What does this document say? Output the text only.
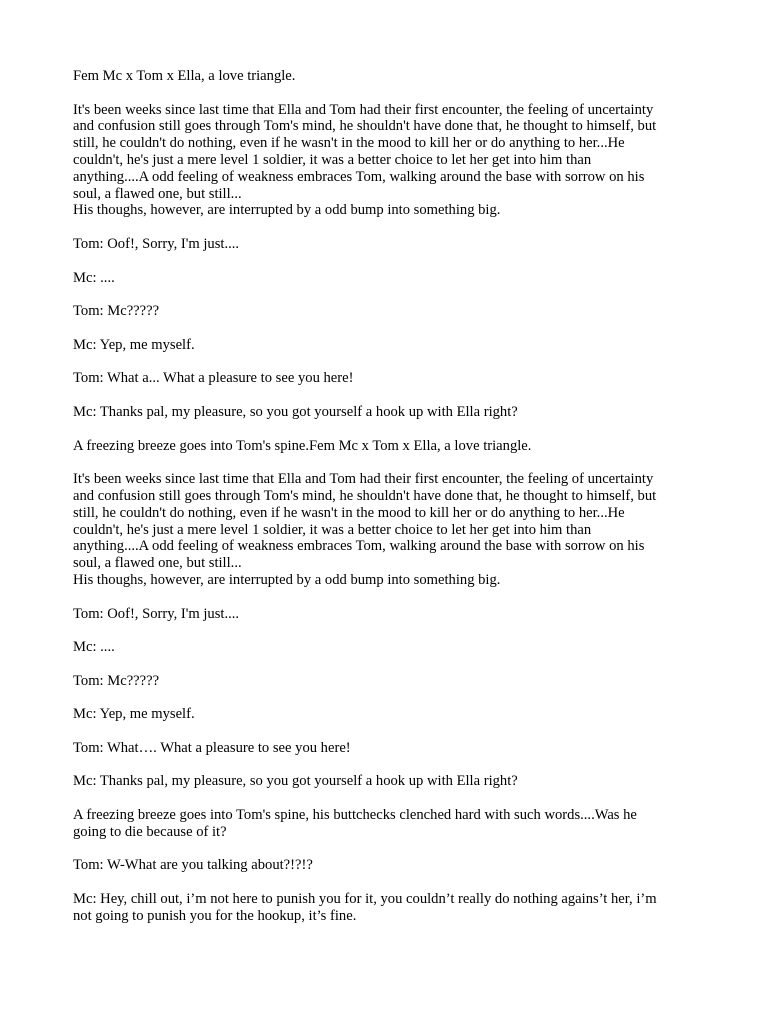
Fem Mc x Tom x Ella, a love triangle.

It's been weeks since last time that Ella and Tom had their first encounter, the feeling of uncertainty
and confusion still goes through Tom's mind, he shouldn't have done that, he thought to himself, but
still, he couldn't do nothing, even if he wasn't in the mood to kill her or do anything to her...He
couldn't, he's just a mere level 1 soldier, it was a better choice to let her get into him than
anything....A odd feeling of weakness embraces Tom, walking around the base with sorrow on his
soul, a flawed one, but still...
His thoughs, however, are interrupted by a odd bump into something big.

Tom: Oof!, Sorry, I'm just....

Mc: ....

Tom: Mc?????

Mc: Yep, me myself.

Tom: What a... What a pleasure to see you here!

Mc: Thanks pal, my pleasure, so you got yourself a hook up with Ella right?

A freezing breeze goes into Tom's spine.Fem Mc x Tom x Ella, a love triangle.

It's been weeks since last time that Ella and Tom had their first encounter, the feeling of uncertainty
and confusion still goes through Tom's mind, he shouldn't have done that, he thought to himself, but
still, he couldn't do nothing, even if he wasn't in the mood to kill her or do anything to her...He
couldn't, he's just a mere level 1 soldier, it was a better choice to let her get into him than
anything....A odd feeling of weakness embraces Tom, walking around the base with sorrow on his
soul, a flawed one, but still...
His thoughs, however, are interrupted by a odd bump into something big.

Tom: Oof!, Sorry, I'm just....

Mc: ....

Tom: Mc?????

Mc: Yep, me myself.

Tom: What…. What a pleasure to see you here!

Mc: Thanks pal, my pleasure, so you got yourself a hook up with Ella right?

A freezing breeze goes into Tom's spine, his buttchecks clenched hard with such words....Was he
going to die because of it?

Tom: W-What are you talking about?!?!?

Mc: Hey, chill out, i’m not here to punish you for it, you couldn’t really do nothing agains’t her, i’m
not going to punish you for the hookup, it’s fine.
